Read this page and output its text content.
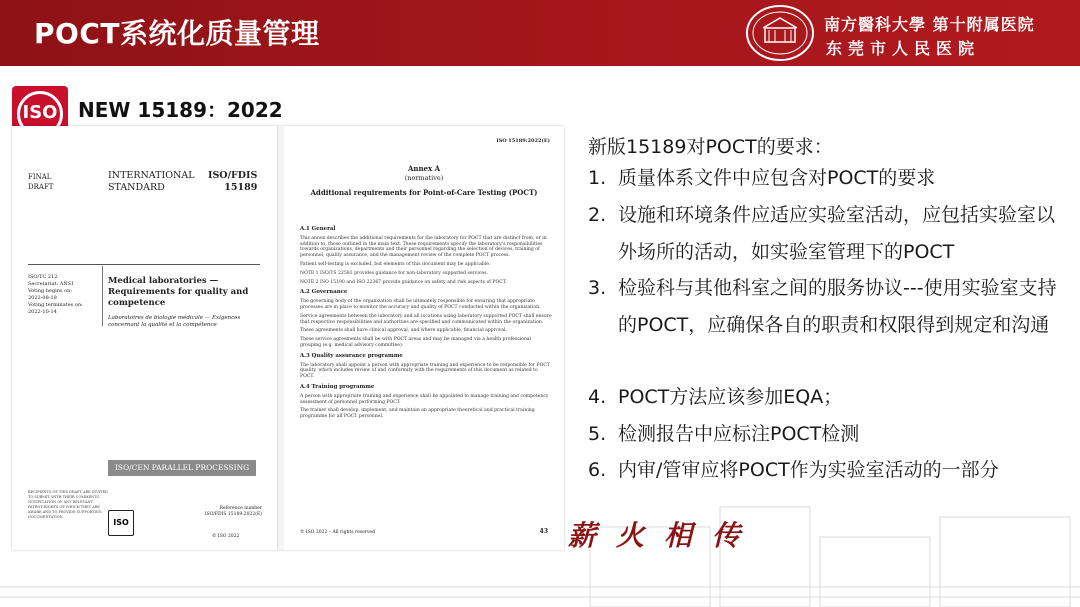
POCT系统化质量管理	南方醫科大學 第十附属医院
东莞市人民医院
ISO	NEW 15189：2022
FINAL
DRAFT
INTERNATIONAL
STANDARD
ISO/FDIS
15189
ISO/TC 212
Secretariat: ANSI
Voting begins on:
2022-08-19
Voting terminates on:
2022-10-14
Medical laboratories — Requirements for quality and competence
Laboratoires de biologie médicale — Exigences concernant la qualité et la compétence
ISO/CEN PARALLEL PROCESSING
RECIPIENTS OF THIS DRAFT ARE INVITED TO SUBMIT, WITH THEIR COMMENTS, NOTIFICATION OF ANY RELEVANT PATENT RIGHTS OF WHICH THEY ARE AWARE AND TO PROVIDE SUPPORTING DOCUMENTATION.
ISO
Reference number
ISO/FDIS 15189:2022(E)
© ISO 2022
ISO 15189:2022(E)
Annex A
(normative)
Additional requirements for Point-of-Care Testing (POCT)
A.1 General

This annex describes the additional requirements for the laboratory for POCT that are distinct from, or in addition to, those outlined in the main text. These requirements specify the laboratory's responsibilities towards organizations, departments and their personnel regarding the selection of devices, training of personnel, quality assurance, and the management review of the complete POCT process.

Patient self-testing is excluded, but elements of this document may be applicable.

NOTE 1 ISO/TS 22583 provides guidance for non-laboratory supported services.

NOTE 2 ISO 15190 and ISO 22367 provide guidance on safety and risk aspects of POCT.

A.2 Governance

The governing body of the organization shall be ultimately responsible for ensuring that appropriate processes are in place to monitor the accuracy and quality of POCT conducted within the organization.

Service agreements between the laboratory and all locations using laboratory supported POCT shall ensure that respective responsibilities and authorities are specified and communicated within the organization.

These agreements shall have clinical approval, and where applicable, financial approval.

These service agreements shall be with POCT areas and may be managed via a health professional grouping (e.g. medical advisory committee).

A.3 Quality assurance programme

The laboratory shall appoint a person with appropriate training and experience to be responsible for POCT quality, which includes review of and conformity with the requirements of this document as related to POCT.

A.4 Training programme

A person with appropriate training and experience shall be appointed to manage training and competency assessment of personnel performing POCT.

The trainer shall develop, implement, and maintain an appropriate theoretical and practical training programme for all POCT personnel.

© ISO 2022 – All rights reserved	43
新版15189对POCT的要求：
1. 质量体系文件中应包含对POCT的要求
2. 设施和环境条件应适应实验室活动，应包括实验室以外场所的活动，如实验室管理下的POCT
3. 检验科与其他科室之间的服务协议---使用实验室支持的POCT，应确保各自的职责和权限得到规定和沟通
4. POCT方法应该参加EQA；
5. 检测报告中应标注POCT检测
6. 内审/管审应将POCT作为实验室活动的一部分
薪火相传
